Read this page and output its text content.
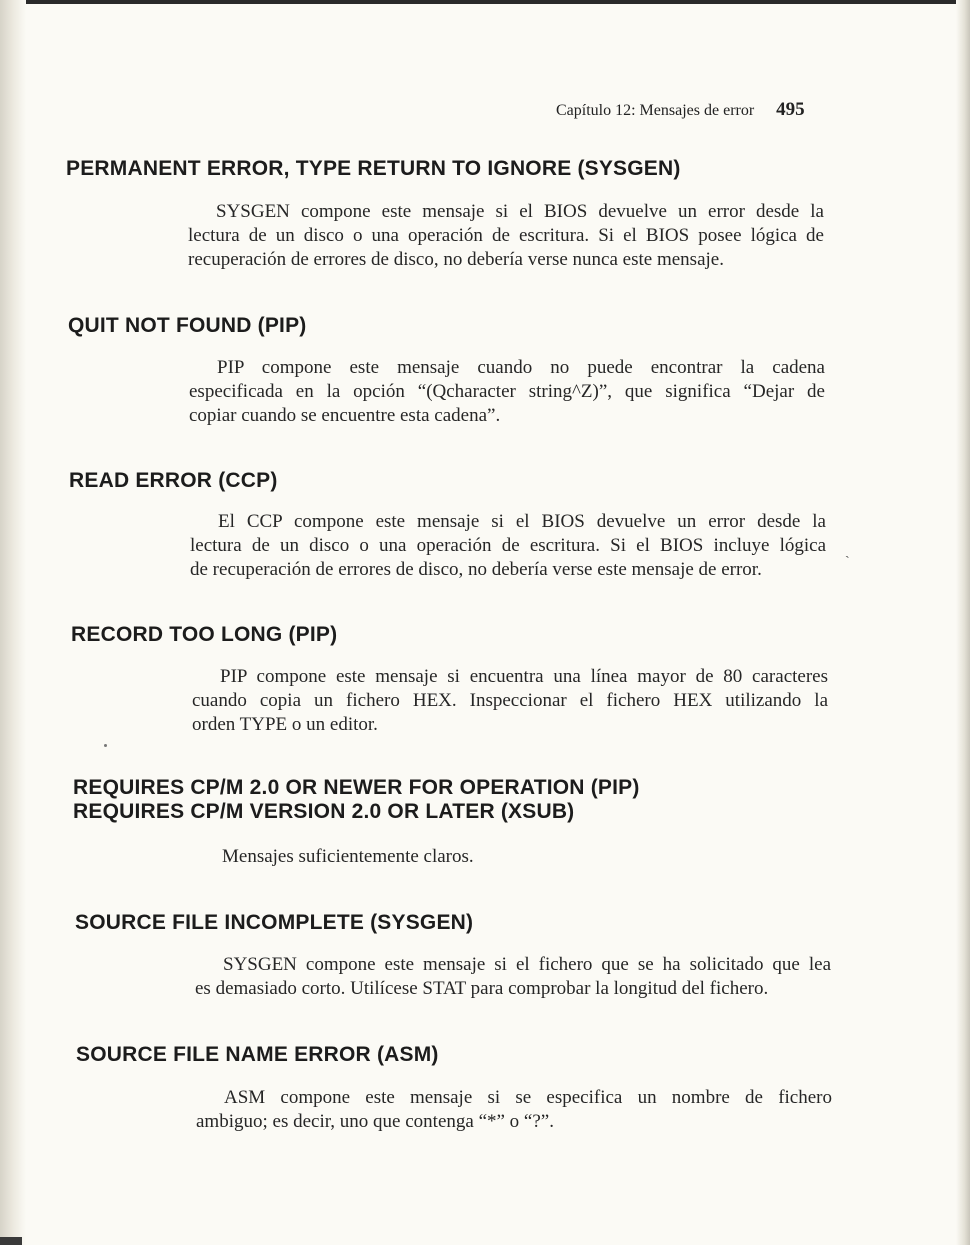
Capítulo 12: Mensajes de error 495
PERMANENT ERROR, TYPE RETURN TO IGNORE (SYSGEN)
SYSGEN compone este mensaje si el BIOS devuelve un error desde la
lectura de un disco o una operación de escritura. Si el BIOS posee lógica de
recuperación de errores de disco, no debería verse nunca este mensaje.
QUIT NOT FOUND (PIP)
PIP compone este mensaje cuando no puede encontrar la cadena
especificada en la opción “(Qcharacter string^Z)”, que significa “Dejar de
copiar cuando se encuentre esta cadena”.
READ ERROR (CCP)
El CCP compone este mensaje si el BIOS devuelve un error desde la
lectura de un disco o una operación de escritura. Si el BIOS incluye lógica
de recuperación de errores de disco, no debería verse este mensaje de error.
RECORD TOO LONG (PIP)
PIP compone este mensaje si encuentra una línea mayor de 80 caracteres
cuando copia un fichero HEX. Inspeccionar el fichero HEX utilizando la
orden TYPE o un editor.
REQUIRES CP/M 2.0 OR NEWER FOR OPERATION (PIP)
REQUIRES CP/M VERSION 2.0 OR LATER (XSUB)
Mensajes suficientemente claros.
SOURCE FILE INCOMPLETE (SYSGEN)
SYSGEN compone este mensaje si el fichero que se ha solicitado que lea
es demasiado corto. Utilícese STAT para comprobar la longitud del fichero.
SOURCE FILE NAME ERROR (ASM)
ASM compone este mensaje si se especifica un nombre de fichero
ambiguo; es decir, uno que contenga “*” o “?”.
ˏ
